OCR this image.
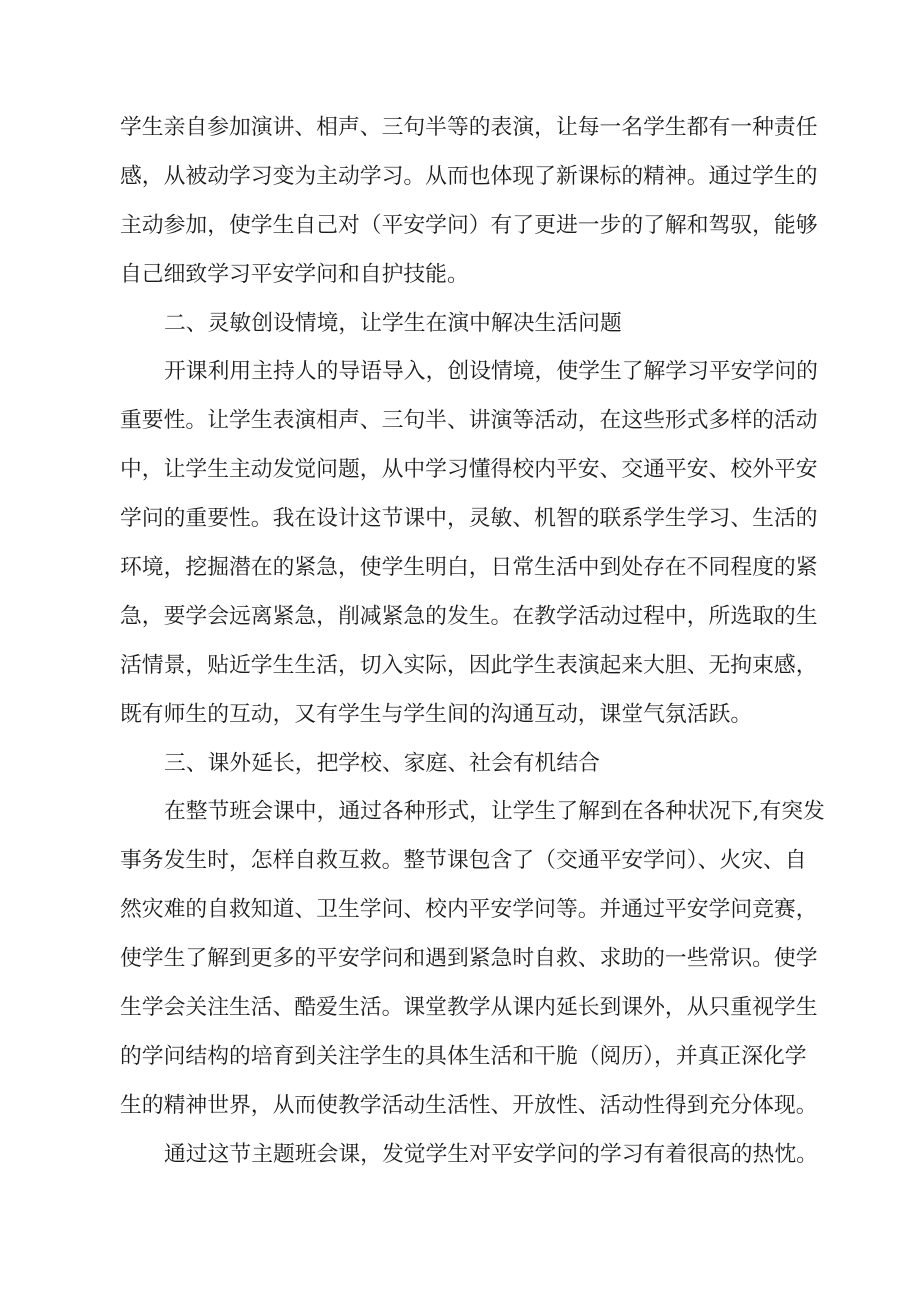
学生亲自参加演讲、相声、三句半等的表演，让每一名学生都有一种责任
感，从被动学习变为主动学习。从而也体现了新课标的精神。通过学生的
主动参加，使学生自己对（平安学问）有了更进一步的了解和驾驭，能够
自己细致学习平安学问和自护技能。
二、灵敏创设情境，让学生在演中解决生活问题
开课利用主持人的导语导入，创设情境，使学生了解学习平安学问的
重要性。让学生表演相声、三句半、讲演等活动，在这些形式多样的活动
中，让学生主动发觉问题，从中学习懂得校内平安、交通平安、校外平安
学问的重要性。我在设计这节课中，灵敏、机智的联系学生学习、生活的
环境，挖掘潜在的紧急，使学生明白，日常生活中到处存在不同程度的紧
急，要学会远离紧急，削减紧急的发生。在教学活动过程中，所选取的生
活情景，贴近学生生活，切入实际，因此学生表演起来大胆、无拘束感，
既有师生的互动，又有学生与学生间的沟通互动，课堂气氛活跃。
三、课外延长，把学校、家庭、社会有机结合
在整节班会课中，通过各种形式，让学生了解到在各种状况下,有突发
事务发生时，怎样自救互救。整节课包含了（交通平安学问）、火灾、自
然灾难的自救知道、卫生学问、校内平安学问等。并通过平安学问竞赛，
使学生了解到更多的平安学问和遇到紧急时自救、求助的一些常识。使学
生学会关注生活、酷爱生活。课堂教学从课内延长到课外，从只重视学生
的学问结构的培育到关注学生的具体生活和干脆（阅历），并真正深化学
生的精神世界，从而使教学活动生活性、开放性、活动性得到充分体现。
通过这节主题班会课，发觉学生对平安学问的学习有着很高的热忱。
